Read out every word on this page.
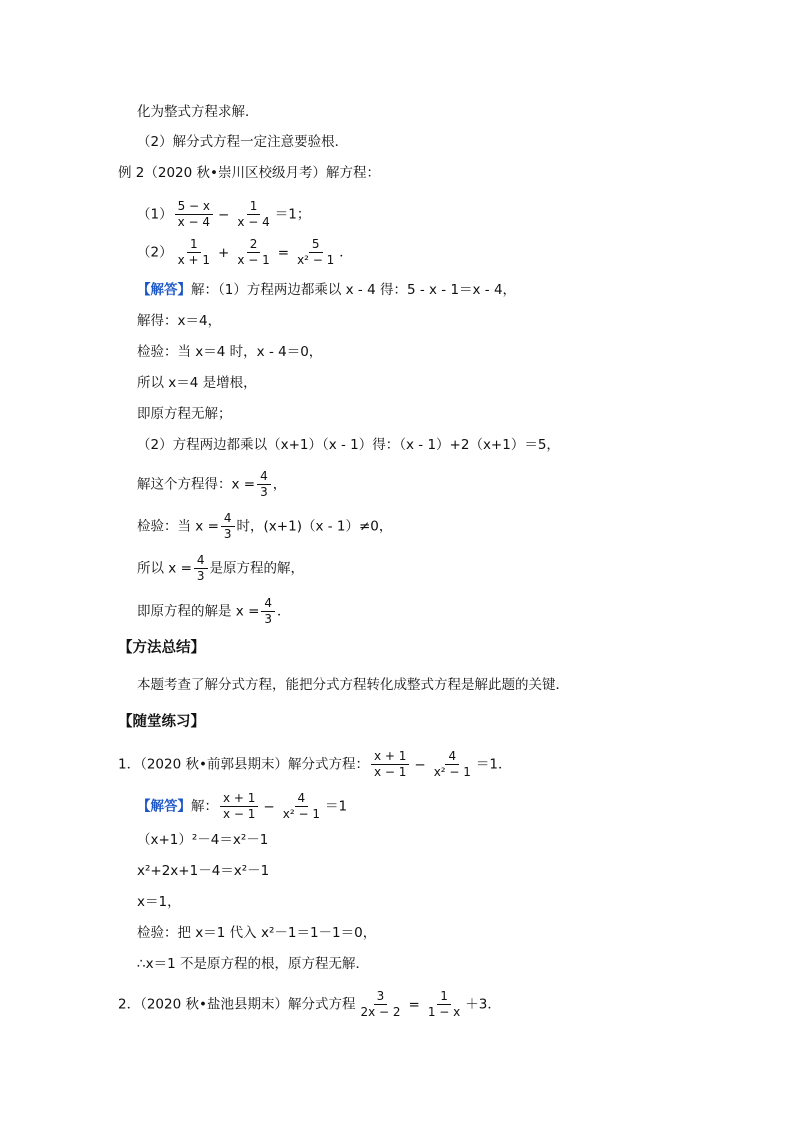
化为整式方程求解．
（2）解分式方程一定注意要验根．
例 2（2020 秋•崇川区校级月考）解方程：
$(1) \frac{5 - x}{x - 4} - \frac{1}{x - 4} =1$；
$(2) \frac{1}{x + 1} + \frac{2}{x - 1} = \frac{5}{\text{x² − 1}}$ ．
【解答】解：（1）方程两边都乘以 x - 4 得：5 - x - 1＝x - 4，
解得：x＝4，
检验：当 x＝4 时，x - 4＝0，
所以 x＝4 是增根，
即原方程无解；
（2）方程两边都乘以（x+1）（x - 1）得：（x - 1）+2（x+1）＝5，
解这个方程得：$x = \frac{4}{3}$ ，
检验：当 $x = \frac{4}{3}$ 时，(x+1)（x - 1）≠0，
所以 $x = \frac{4}{3}$ 是原方程的解，
即原方程的解是 $x = \frac{4}{3}$ ．
【方法总结】
本题考查了解分式方程，能把分式方程转化成整式方程是解此题的关键．
【随堂练习】
1．（2020 秋•前郭县期末）解分式方程： $\frac{x + 1}{x - 1} - \frac{4}{\text{x² − 1}} =1$．
【解答】解： $\frac{x + 1}{x - 1} - \frac{4}{\text{x² − 1}} =1$
（x+1）²－4＝x²－1
x²+2x+1－4＝x²－1
x＝1，
检验：把 x＝1 代入 x²－1＝1－1＝0，
∴x＝1 不是原方程的根，原方程无解．
2．（2020 秋•盐池县期末）解分式方程 $\frac{3}{2x - 2} = \frac{1}{1 - x} +3$．
